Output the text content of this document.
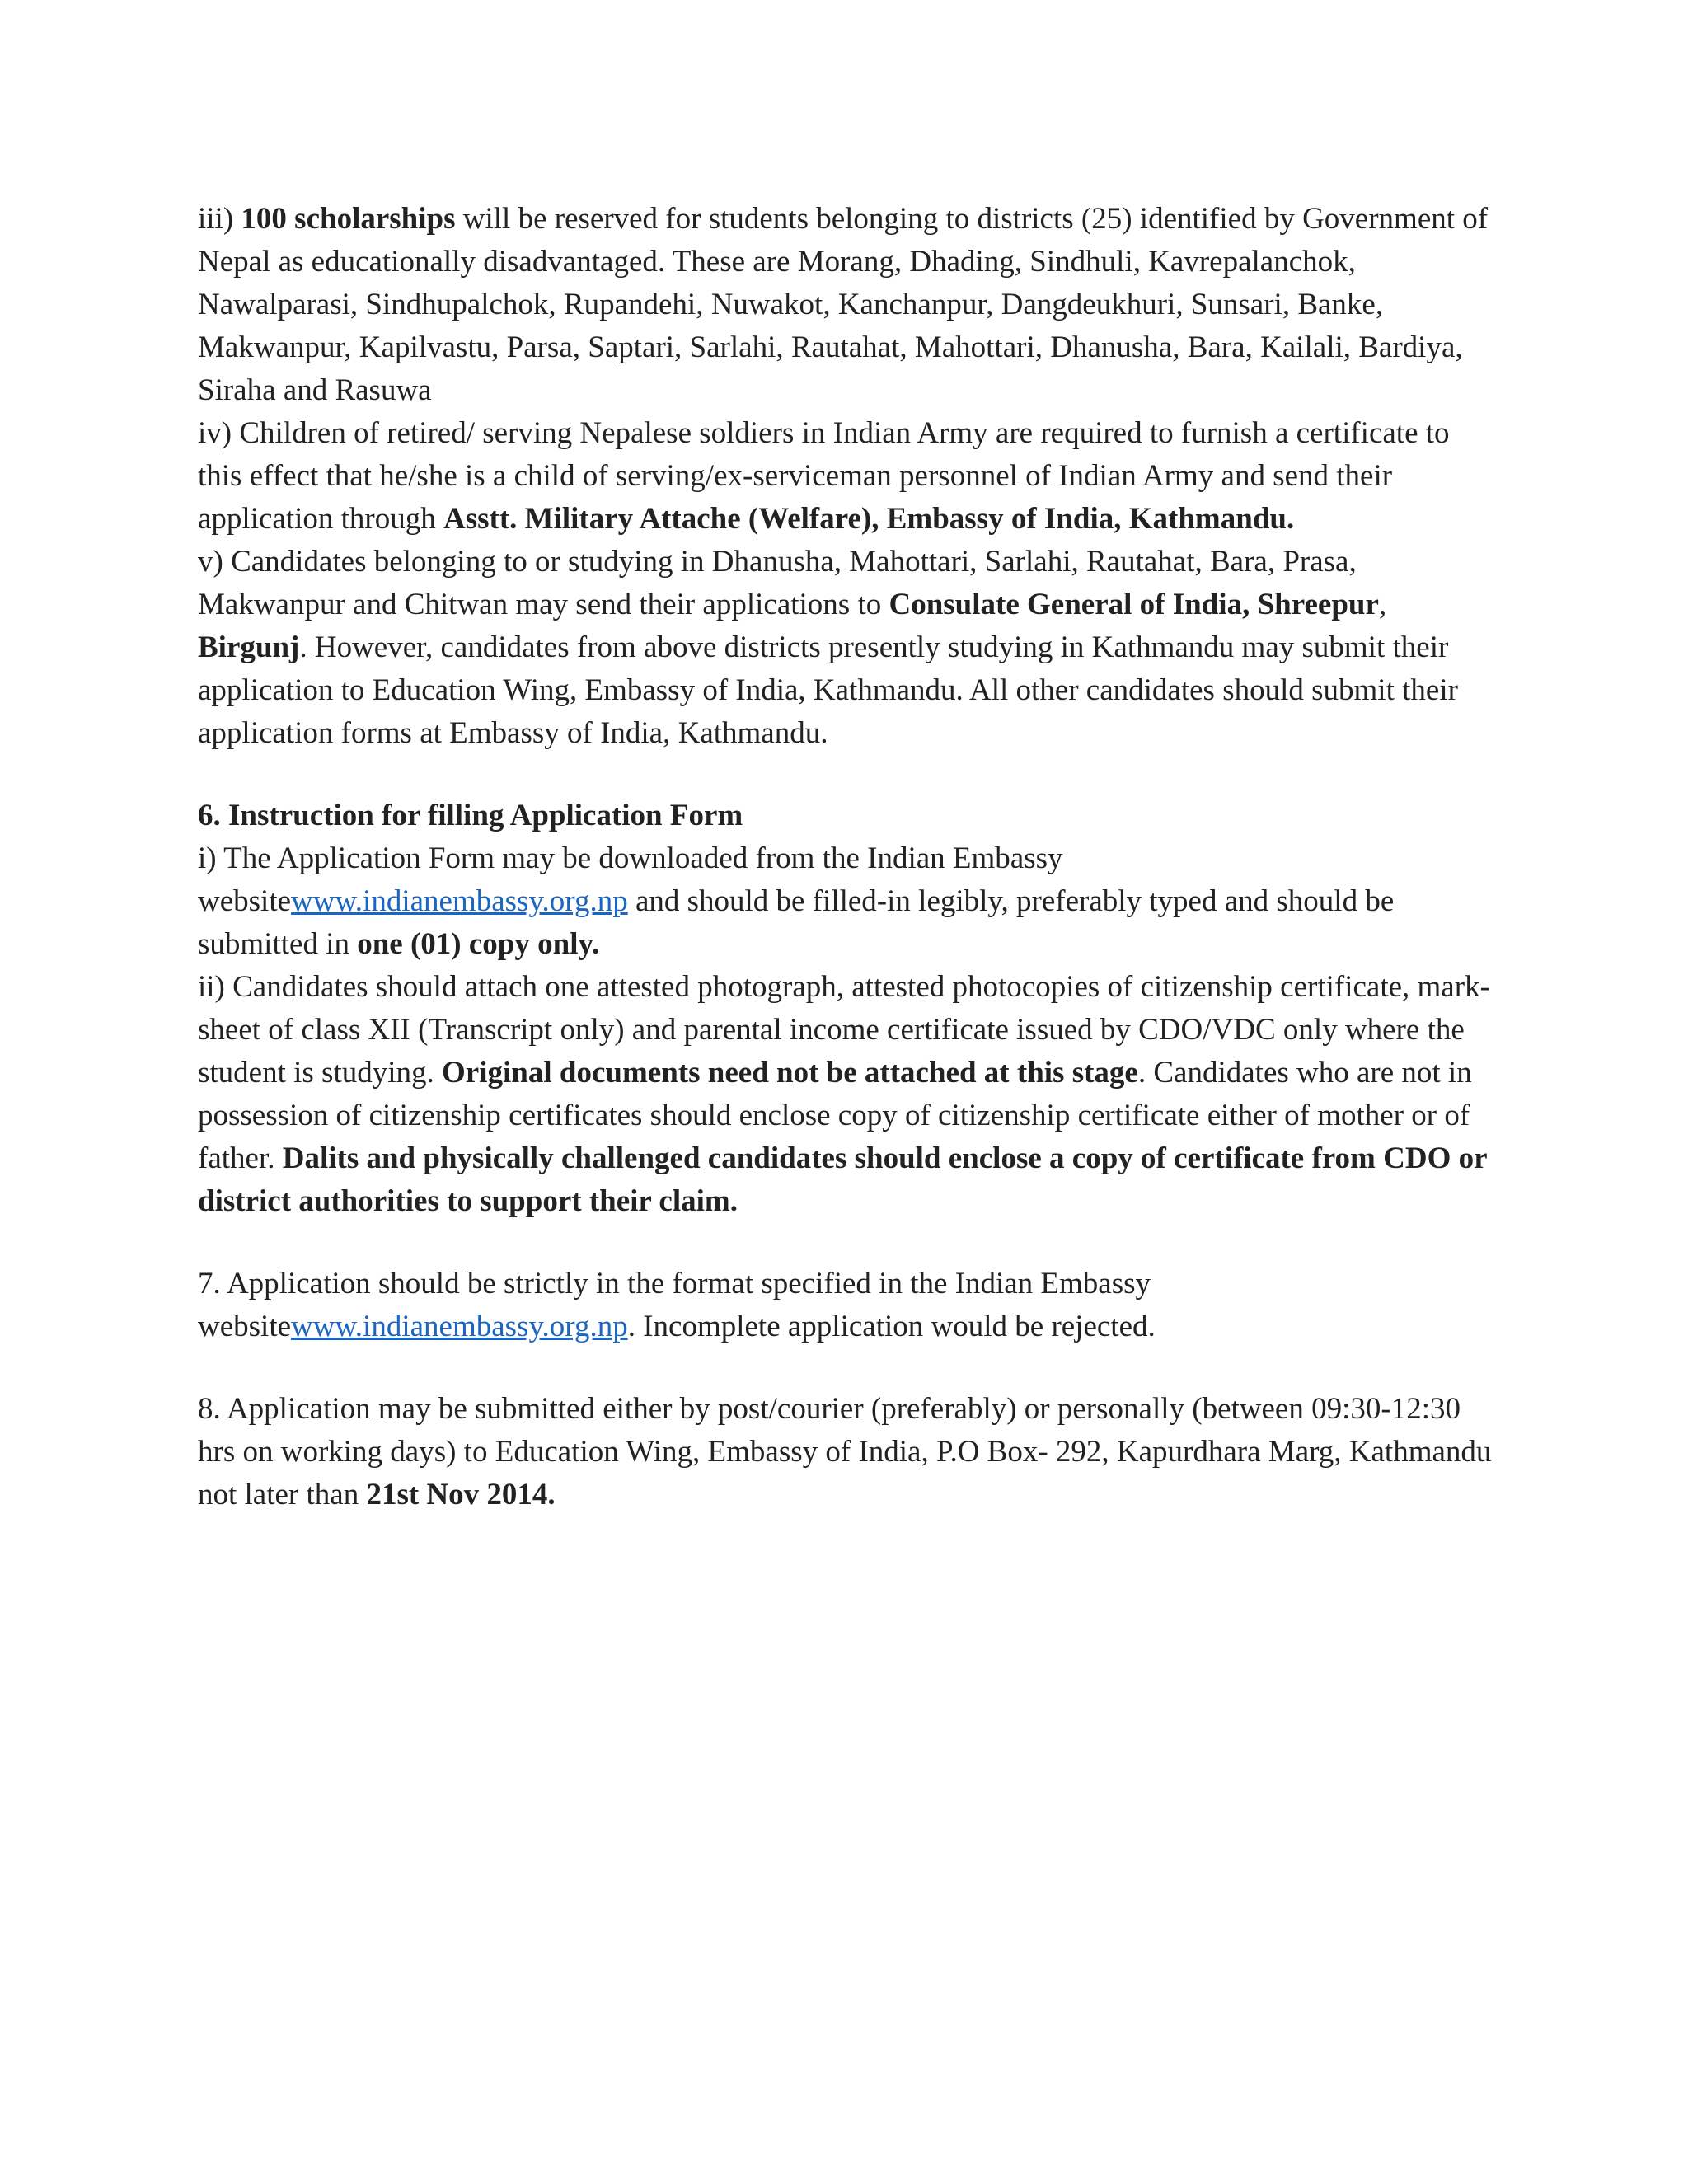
iii) 100 scholarships will be reserved for students belonging to districts (25) identified by Government of Nepal as educationally disadvantaged. These are Morang, Dhading, Sindhuli, Kavrepalanchok, Nawalparasi, Sindhupalchok, Rupandehi, Nuwakot, Kanchanpur, Dangdeukhuri, Sunsari, Banke, Makwanpur, Kapilvastu, Parsa, Saptari, Sarlahi, Rautahat, Mahottari, Dhanusha, Bara, Kailali, Bardiya, Siraha and Rasuwa

iv) Children of retired/ serving Nepalese soldiers in Indian Army are required to furnish a certificate to this effect that he/she is a child of serving/ex-serviceman personnel of Indian Army and send their application through Asstt. Military Attache (Welfare), Embassy of India, Kathmandu.

v) Candidates belonging to or studying in Dhanusha, Mahottari, Sarlahi, Rautahat, Bara, Prasa, Makwanpur and Chitwan may send their applications to Consulate General of India, Shreepur, Birgunj. However, candidates from above districts presently studying in Kathmandu may submit their application to Education Wing, Embassy of India, Kathmandu. All other candidates should submit their application forms at Embassy of India, Kathmandu.

6. Instruction for filling Application Form

i) The Application Form may be downloaded from the Indian Embassy websitewww.indianembassy.org.np and should be filled-in legibly, preferably typed and should be submitted in one (01) copy only.

ii) Candidates should attach one attested photograph, attested photocopies of citizenship certificate, mark-sheet of class XII (Transcript only) and parental income certificate issued by CDO/VDC only where the student is studying. Original documents need not be attached at this stage. Candidates who are not in possession of citizenship certificates should enclose copy of citizenship certificate either of mother or of father. Dalits and physically challenged candidates should enclose a copy of certificate from CDO or district authorities to support their claim.

7. Application should be strictly in the format specified in the Indian Embassy websitewww.indianembassy.org.np. Incomplete application would be rejected.

8. Application may be submitted either by post/courier (preferably) or personally (between 09:30-12:30 hrs on working days) to Education Wing, Embassy of India, P.O Box- 292, Kapurdhara Marg, Kathmandu not later than 21st Nov 2014.
